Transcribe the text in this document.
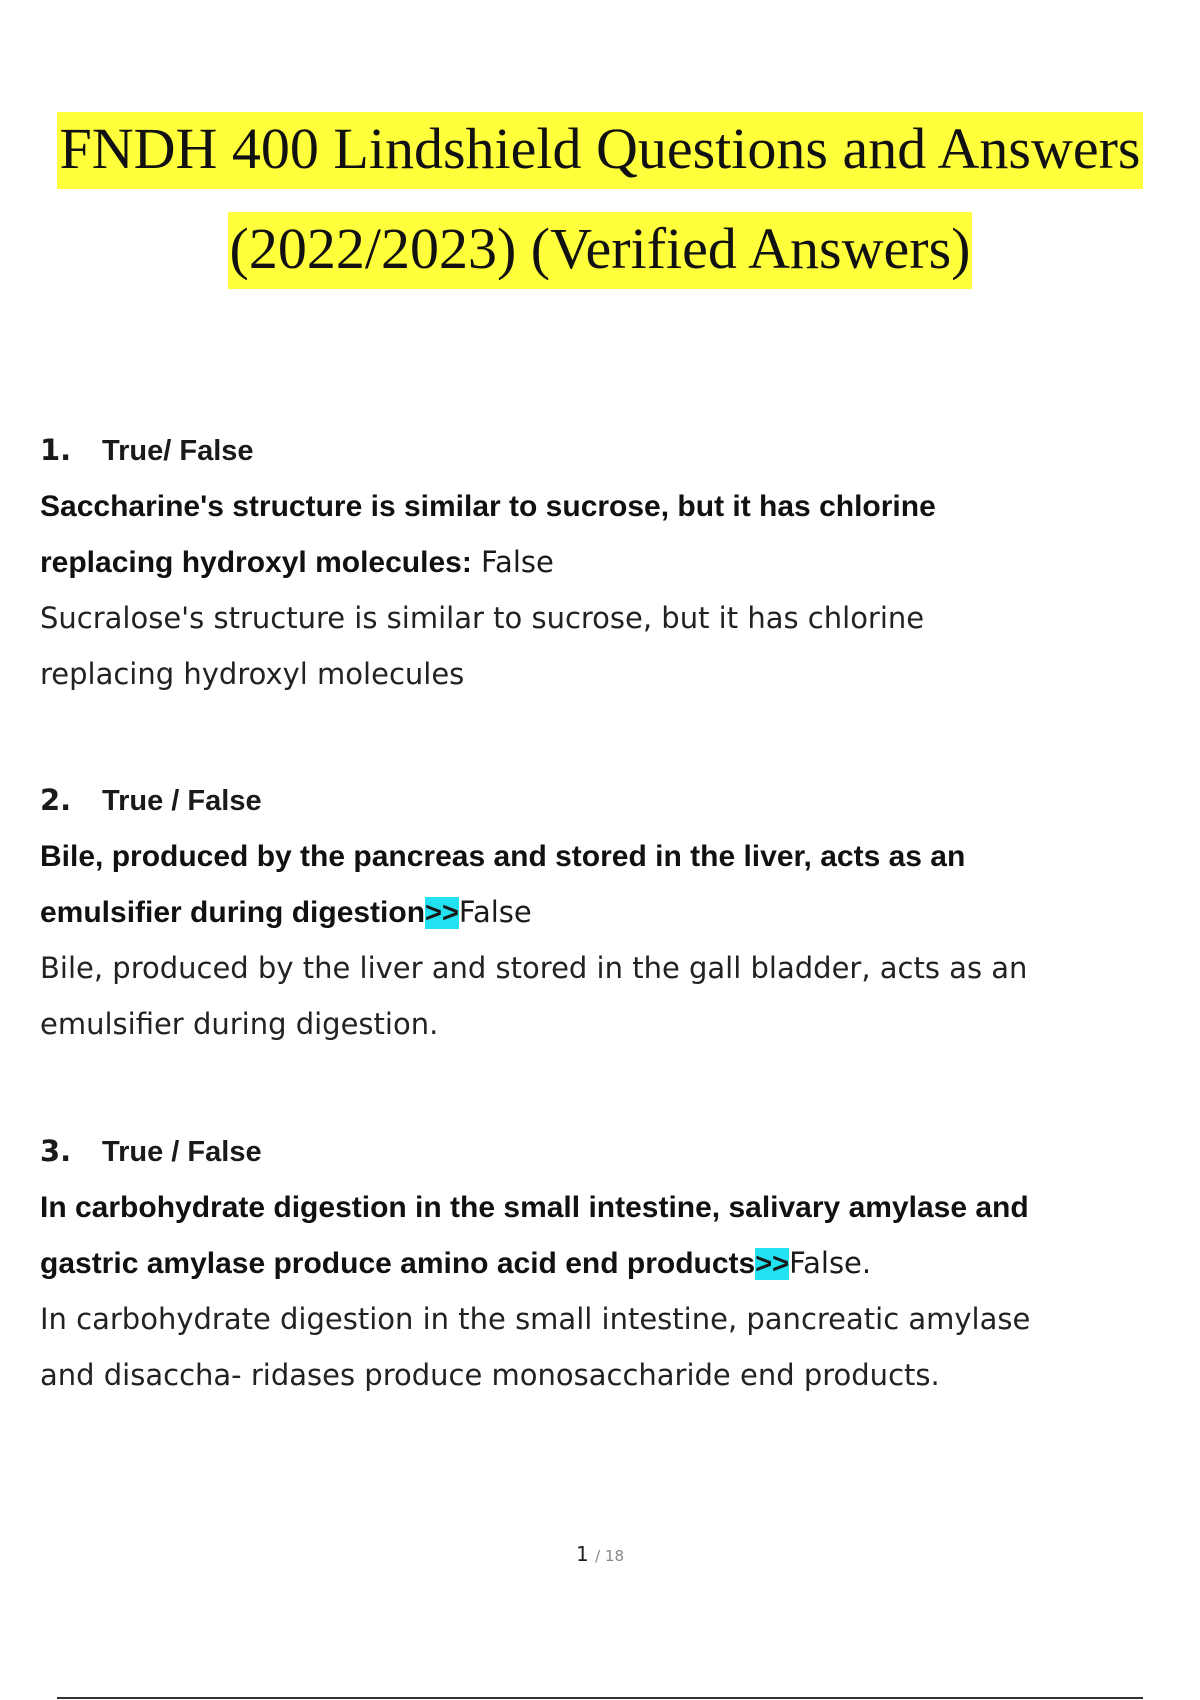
FNDH 400 Lindshield Questions and Answers
(2022/2023) (Verified Answers)
1. True/ False
Saccharine's structure is similar to sucrose, but it has chlorine
replacing hydroxyl molecules: False
Sucralose's structure is similar to sucrose, but it has chlorine
replacing hydroxyl molecules
2. True / False
Bile, produced by the pancreas and stored in the liver, acts as an
emulsifier during digestion>>False
Bile, produced by the liver and stored in the gall bladder, acts as an
emulsifier during digestion.
3. True / False
In carbohydrate digestion in the small intestine, salivary amylase and
gastric amylase produce amino acid end products>>False.
In carbohydrate digestion in the small intestine, pancreatic amylase
and disaccha- ridases produce monosaccharide end products.
1 / 18
